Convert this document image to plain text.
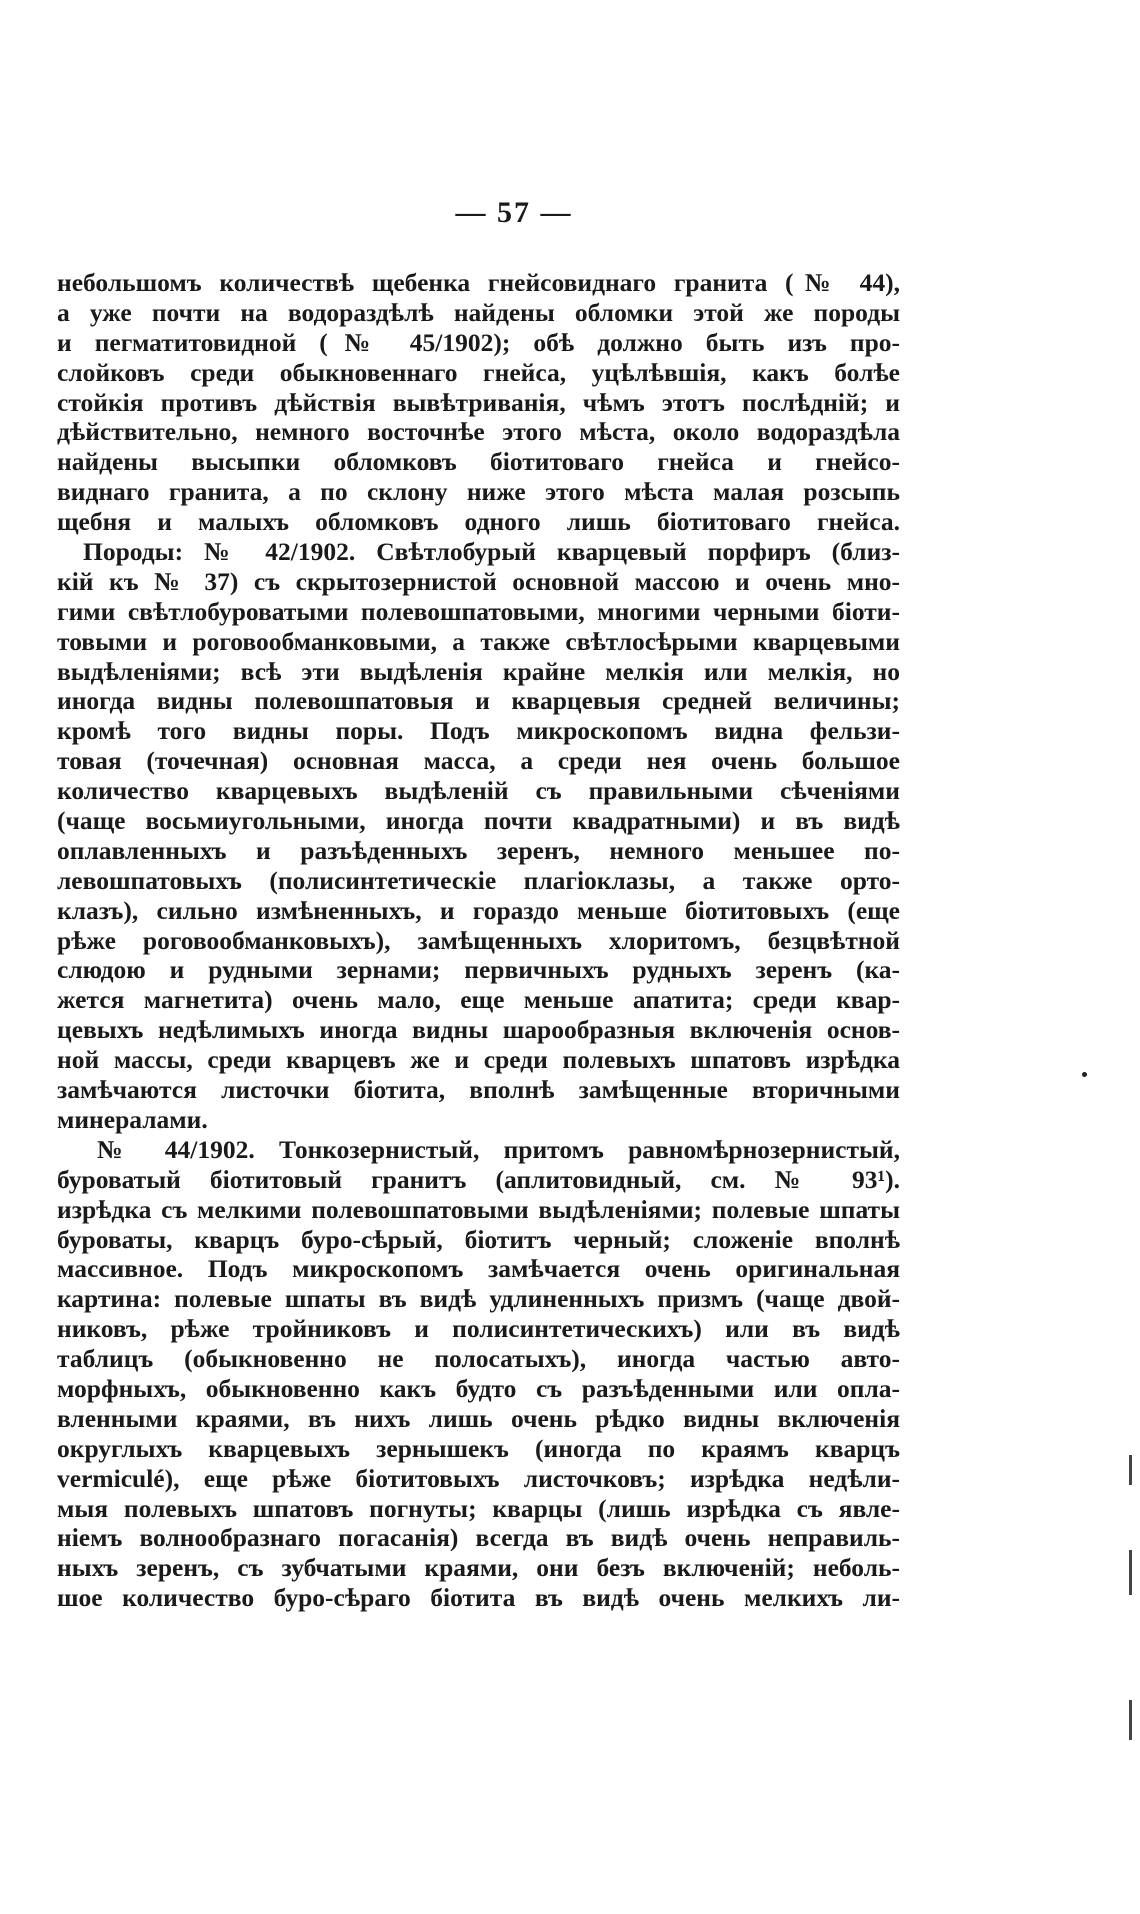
— 57 —
небольшомъ количествѣ щебенка гнейсовиднаго гранита (№ 44),
а уже почти на водораздѣлѣ найдены обломки этой же породы
и пегматитовидной (№ 45/1902); обѣ должно быть изъ про-
слойковъ среди обыкновеннаго гнейса, уцѣлѣвшія, какъ болѣе
стойкія противъ дѣйствія вывѣтриванія, чѣмъ этотъ послѣдній; и
дѣйствительно, немного восточнѣе этого мѣста, около водораздѣла
найдены высыпки обломковъ біотитоваго гнейса и гнейсо-
виднаго гранита, а по склону ниже этого мѣста малая розсыпь
щебня и малыхъ обломковъ одного лишь біотитоваго гнейса.
Породы: № 42/1902. Свѣтлобурый кварцевый порфиръ (близ-
кій къ № 37) съ скрытозернистой основной массою и очень мно-
гими свѣтлобуроватыми полевошпатовыми, многими черными біоти-
товыми и роговообманковыми, а также свѣтлосѣрыми кварцевыми
выдѣленіями; всѣ эти выдѣленія крайне мелкія или мелкія, но
иногда видны полевошпатовыя и кварцевыя средней величины;
кромѣ того видны поры. Подъ микроскопомъ видна фельзи-
товая (точечная) основная масса, а среди нея очень большое
количество кварцевыхъ выдѣленій съ правильными сѣченіями
(чаще восьмиугольными, иногда почти квадратными) и въ видѣ
оплавленныхъ и разъѣденныхъ зеренъ, немного меньшее по-
левошпатовыхъ (полисинтетическіе плагіоклазы, а также орто-
клазъ), сильно измѣненныхъ, и гораздо меньше біотитовыхъ (еще
рѣже роговообманковыхъ), замѣщенныхъ хлоритомъ, безцвѣтной
слюдою и рудными зернами; первичныхъ рудныхъ зеренъ (ка-
жется магнетита) очень мало, еще меньше апатита; среди квар-
цевыхъ недѣлимыхъ иногда видны шарообразныя включенія основ-
ной массы, среди кварцевъ же и среди полевыхъ шпатовъ изрѣдка
замѣчаются листочки біотита, вполнѣ замѣщенные вторичными
минералами.
№ 44/1902. Тонкозернистый, притомъ равномѣрнозернистый,
буроватый біотитовый гранитъ (аплитовидный, см. № 93¹).
изрѣдка съ мелкими полевошпатовыми выдѣленіями; полевые шпаты
буроваты, кварцъ буро-сѣрый, біотитъ черный; сложеніе вполнѣ
массивное. Подъ микроскопомъ замѣчается очень оригинальная
картина: полевые шпаты въ видѣ удлиненныхъ призмъ (чаще двой-
никовъ, рѣже тройниковъ и полисинтетическихъ) или въ видѣ
таблицъ (обыкновенно не полосатыхъ), иногда частью авто-
морфныхъ, обыкновенно какъ будто съ разъѣденными или опла-
вленными краями, въ нихъ лишь очень рѣдко видны включенія
округлыхъ кварцевыхъ зернышекъ (иногда по краямъ кварцъ
vermiculé), еще рѣже біотитовыхъ листочковъ; изрѣдка недѣли-
мыя полевыхъ шпатовъ погнуты; кварцы (лишь изрѣдка съ явле-
ніемъ волнообразнаго погасанія) всегда въ видѣ очень неправиль-
ныхъ зеренъ, съ зубчатыми краями, они безъ включеній; неболь-
шое количество буро-сѣраго біотита въ видѣ очень мелкихъ ли-
